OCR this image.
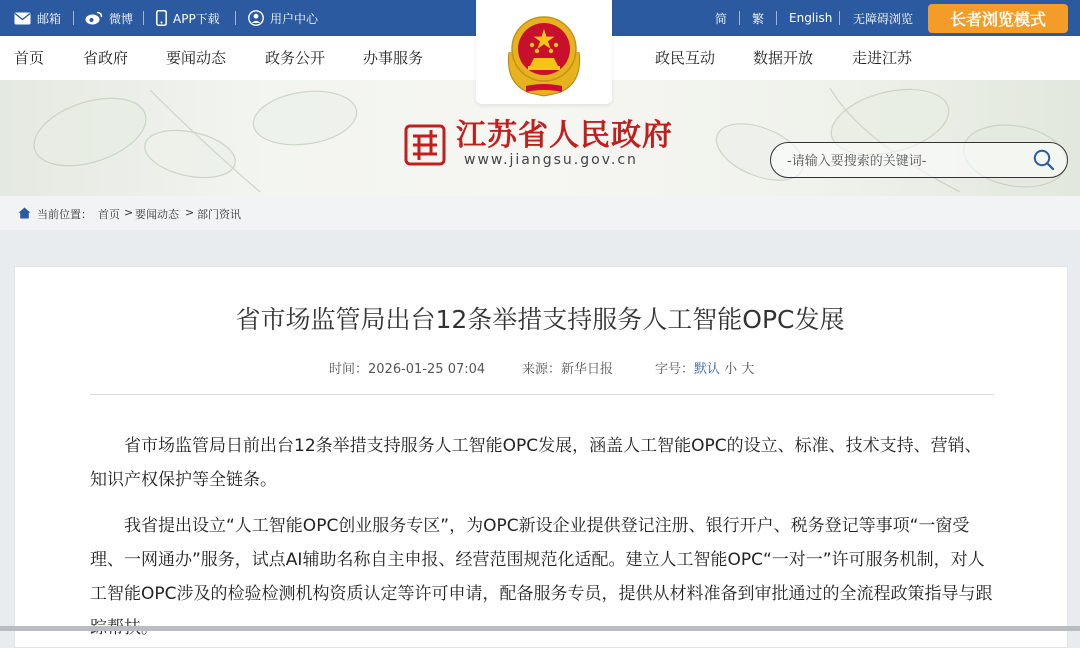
邮箱	微博	APP下载	用户中心	简 繁 English 无障碍浏览	长者浏览模式
首页	省政府	要闻动态	政务公开	办事服务	政民互动	数据开放	走进江苏
江苏省人民政府
www.jiangsu.gov.cn
-请输入要搜索的关键词-
当前位置： 首页 > 要闻动态 > 部门资讯
省市场监管局出台12条举措支持服务人工智能OPC发展
时间：2026-01-25 07:04	来源：新华日报	字号：默认 小 大

省市场监管局日前出台12条举措支持服务人工智能OPC发展，涵盖人工智能OPC的设立、标准、技术支持、营销、知识产权保护等全链条。

我省提出设立“人工智能OPC创业服务专区”，为OPC新设企业提供登记注册、银行开户、税务登记等事项“一窗受理、一网通办”服务，试点AI辅助名称自主申报、经营范围规范化适配。建立人工智能OPC“一对一”许可服务机制，对人工智能OPC涉及的检验检测机构资质认定等许可申请，配备服务专员，提供从材料准备到审批通过的全流程政策指导与跟
